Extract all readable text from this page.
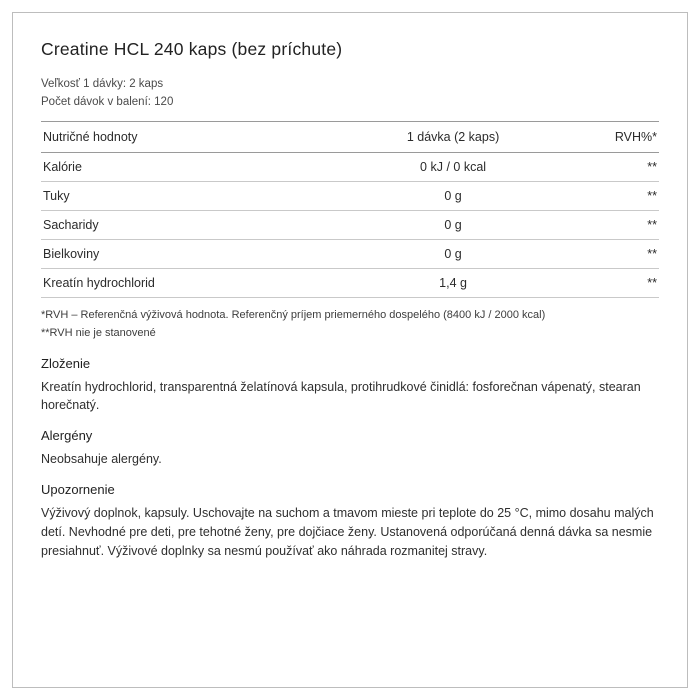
Creatine HCL 240 kaps (bez príchute)
Veľkosť 1 dávky: 2 kaps
Počet dávok v balení: 120
Nutričné hodnoty	1 dávka (2 kaps)	RVH%*
Kalórie	0 kJ / 0 kcal	**
Tuky	0 g	**
Sacharidy	0 g	**
Bielkoviny	0 g	**
Kreatín hydrochlorid	1,4 g	**
*RVH – Referenčná výživová hodnota. Referenčný príjem priemerného dospelého (8400 kJ / 2000 kcal)
**RVH nie je stanovené
Zloženie

Kreatín hydrochlorid, transparentná želatínová kapsula, protihrudkové činidlá: fosforečnan vápenatý, stearan horečnatý.

Alergény

Neobsahuje alergény.

Upozornenie

Výživový doplnok, kapsuly. Uschovajte na suchom a tmavom mieste pri teplote do 25 °C, mimo dosahu malých detí. Nevhodné pre deti, pre tehotné ženy, pre dojčiace ženy. Ustanovená odporúčaná denná dávka sa nesmie presiahnuť. Výživové doplnky sa nesmú používať ako náhrada rozmanitej stravy.
